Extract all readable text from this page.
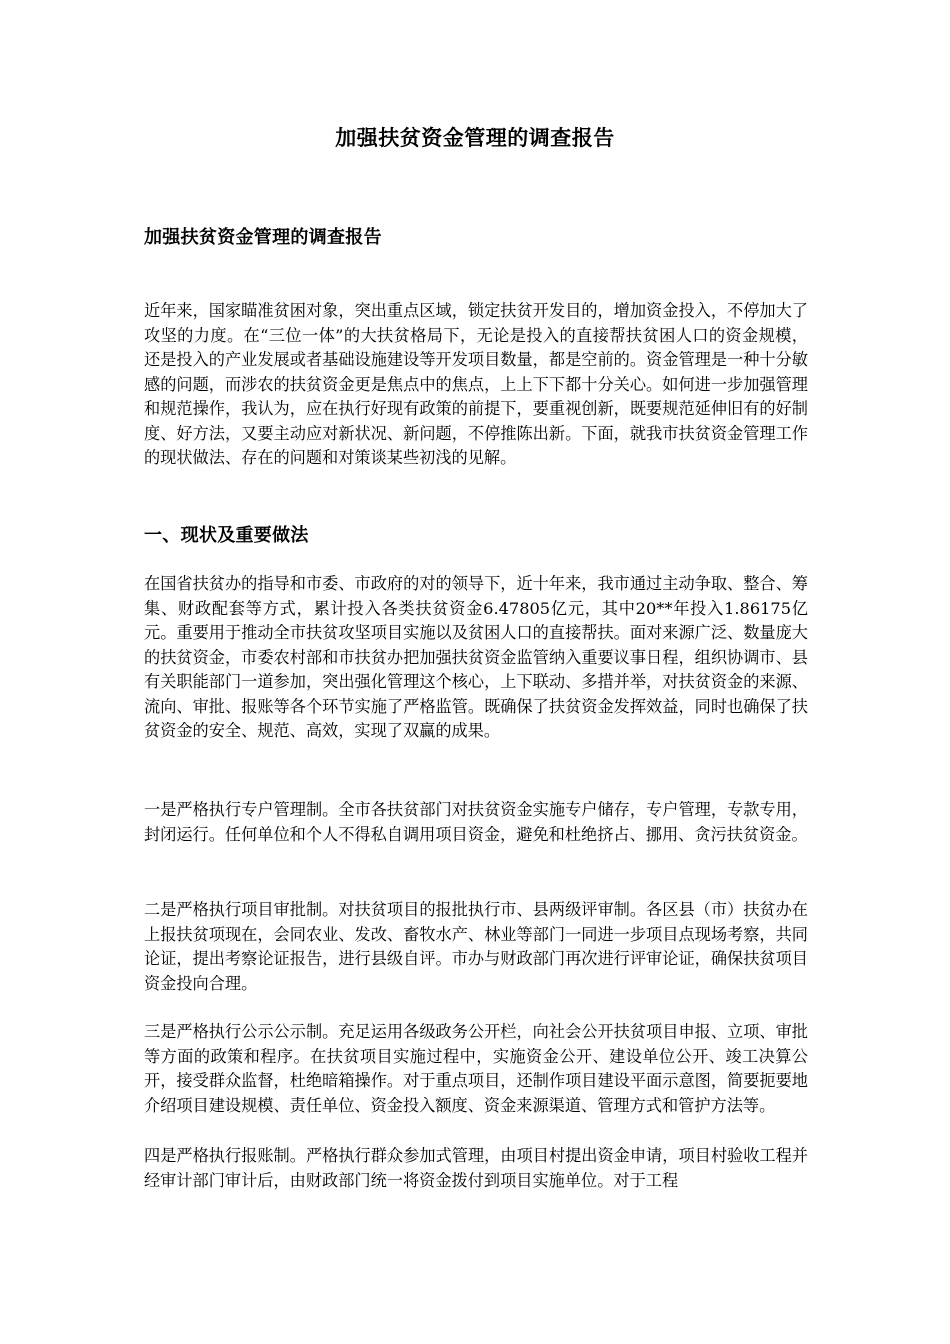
加强扶贫资金管理的调查报告
加强扶贫资金管理的调查报告

近年来，国家瞄准贫困对象，突出重点区域，锁定扶贫开发目的，增加资金投入，不停加大了攻坚的力度。在“三位一体”的大扶贫格局下，无论是投入的直接帮扶贫困人口的资金规模，还是投入的产业发展或者基础设施建设等开发项目数量，都是空前的。资金管理是一种十分敏感的问题，而涉农的扶贫资金更是焦点中的焦点，上上下下都十分关心。如何进一步加强管理和规范操作，我认为，应在执行好现有政策的前提下，要重视创新，既要规范延伸旧有的好制度、好方法，又要主动应对新状况、新问题，不停推陈出新。下面，就我市扶贫资金管理工作的现状做法、存在的问题和对策谈某些初浅的见解。

一、现状及重要做法

在国省扶贫办的指导和市委、市政府的对的领导下，近十年来，我市通过主动争取、整合、筹集、财政配套等方式，累计投入各类扶贫资金6.47805亿元，其中20**年投入1.86175亿元。重要用于推动全市扶贫攻坚项目实施以及贫困人口的直接帮扶。面对来源广泛、数量庞大的扶贫资金，市委农村部和市扶贫办把加强扶贫资金监管纳入重要议事日程，组织协调市、县有关职能部门一道参加，突出强化管理这个核心，上下联动、多措并举，对扶贫资金的来源、流向、审批、报账等各个环节实施了严格监管。既确保了扶贫资金发挥效益，同时也确保了扶贫资金的安全、规范、高效，实现了双赢的成果。

一是严格执行专户管理制。全市各扶贫部门对扶贫资金实施专户储存，专户管理，专款专用，封闭运行。任何单位和个人不得私自调用项目资金，避免和杜绝挤占、挪用、贪污扶贫资金。

二是严格执行项目审批制。对扶贫项目的报批执行市、县两级评审制。各区县（市）扶贫办在上报扶贫项现在，会同农业、发改、畜牧水产、林业等部门一同进一步项目点现场考察，共同论证，提出考察论证报告，进行县级自评。市办与财政部门再次进行评审论证，确保扶贫项目资金投向合理。

三是严格执行公示公示制。充足运用各级政务公开栏，向社会公开扶贫项目申报、立项、审批等方面的政策和程序。在扶贫项目实施过程中，实施资金公开、建设单位公开、竣工决算公开，接受群众监督，杜绝暗箱操作。对于重点项目，还制作项目建设平面示意图，简要扼要地介绍项目建设规模、责任单位、资金投入额度、资金来源渠道、管理方式和管护方法等。

四是严格执行报账制。严格执行群众参加式管理，由项目村提出资金申请，项目村验收工程并经审计部门审计后，由财政部门统一将资金拨付到项目实施单位。对于工程
